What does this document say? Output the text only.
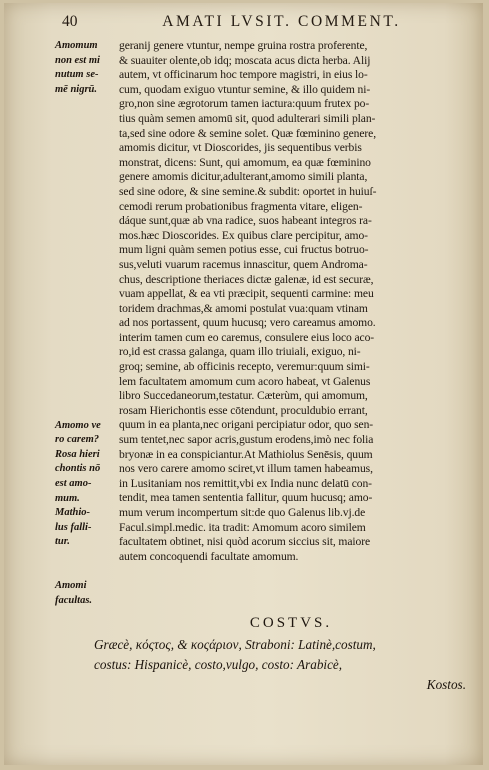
40	AMATI LVSIT. COMMENT.
Amomum
non est mi
nutum se-
mē nigrū.
Amomo ve
ro carem?
Rosa hieri
chontis nō
est amo-
mum.
Mathio-
lus falli-
tur.
Amomi
facultas.
geranij genere vtuntur, nempe gruina rostra proferente,
& suauiter olente,ob idq; moscata acus dicta herba. Alij
autem, vt officinarum hoc tempore magistri, in eius lo-
cum, quodam exiguo vtuntur semine, & illo quidem ni-
gro,non sine ægrotorum tamen iactura:quum frutex po-
tius quàm semen amomū sit, quod adulterari simili plan-
ta,sed sine odore & semine solet. Quæ fœminino genere,
amomis dicitur, vt Dioscorides, jis sequentibus verbis
monstrat, dicens: Sunt, qui amomum, ea quæ fœminino
genere amomis dicitur,adulterant,amomo simili planta,
sed sine odore, & sine semine.& subdit: oportet in huiuſ-
cemodi rerum probationibus fragmenta vitare, eligen-
dáque sunt,quæ ab vna radice, suos habeant integros ra-
mos.hæc Dioscorides. Ex quibus clare percipitur, amo-
mum ligni quàm semen potius esse, cui fructus botruo-
sus,veluti vuarum racemus innascitur, quem Androma-
chus, descriptione theriaces dictæ galenæ, id est securæ,
vuam appellat, & ea vti præcipit, sequenti carmine: meu
toridem drachmas,& amomi postulat vua:quam vtinam
ad nos portassent, quum hucusq; vero careamus amomo.
interim tamen cum eo caremus, consulere eius loco aco-
ro,id est crassa galanga, quam illo triuiali, exiguo, ni-
groq; semine, ab officinis recepto, veremur:quum simi-
lem facultatem amomum cum acoro habeat, vt Galenus
libro Succedaneorum,testatur. Cæterùm, qui amomum,
rosam Hierichontis esse cōtendunt, proculdubio errant,
quum in ea planta,nec origani percipiatur odor, quo sen-
sum tentet,nec sapor acris,gustum erodens,imò nec folia
bryonæ in ea conspiciantur.At Mathiolus Senēsis, quum
nos vero carere amomo sciret,vt illum tamen habeamus,
in Lusitaniam nos remittit,vbi ex India nunc delatū con-
tendit, mea tamen sententia fallitur, quum hucusq; amo-
mum verum incompertum sit:de quo Galenus lib.vj.de
Facul.simpl.medic. ita tradit: Amomum acoro similem
facultatem obtinet, nisi quòd acorum siccius sit, maiore
autem concoquendi facultate amomum.
COSTVS.
Græcè, κόςτος, & κοςάριον, Straboni: Latinè,costum,
costus: Hispanicè, costo,vulgo, costo: Arabicè,
Kostos.
